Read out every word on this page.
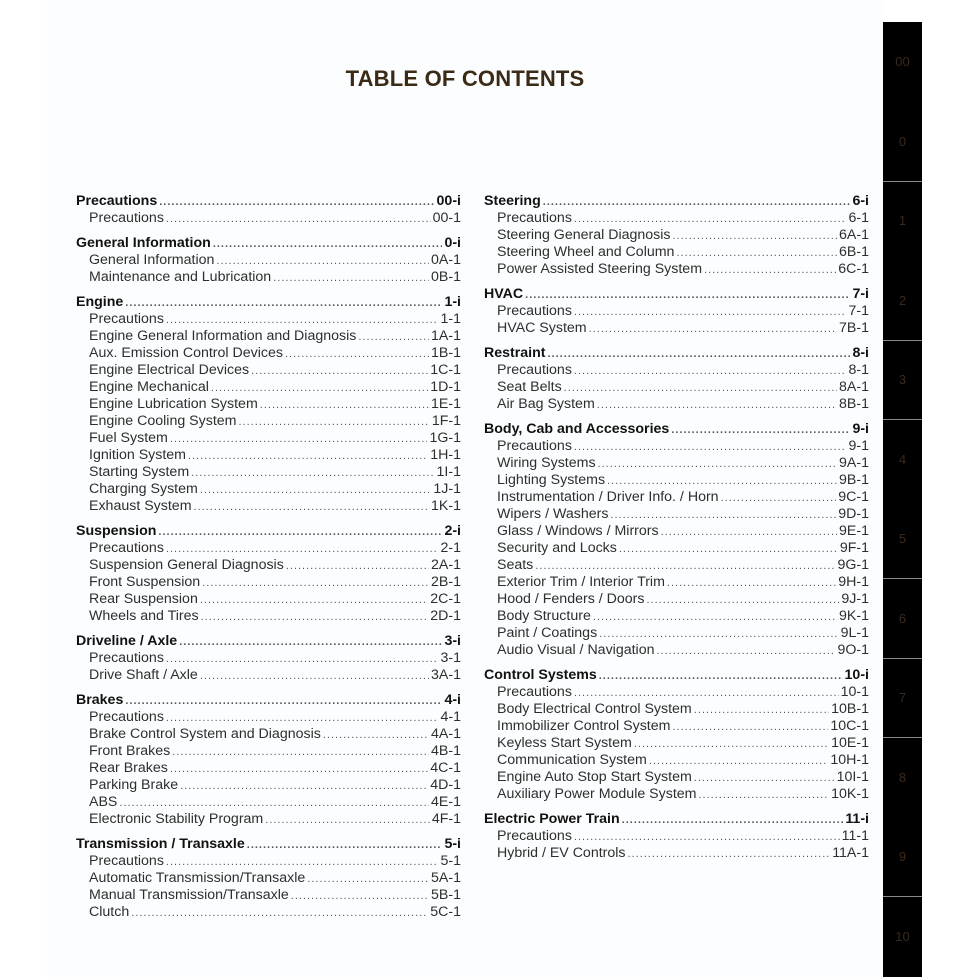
TABLE OF CONTENTS
Precautions .....	00-i
Precautions .....	00-1
General Information .....	0-i
General Information .....	0A-1
Maintenance and Lubrication .....	0B-1
Engine .....	1-i
Precautions .....	1-1
Engine General Information and Diagnosis .....	1A-1
Aux. Emission Control Devices .....	1B-1
Engine Electrical Devices .....	1C-1
Engine Mechanical .....	1D-1
Engine Lubrication System .....	1E-1
Engine Cooling System .....	1F-1
Fuel System .....	1G-1
Ignition System .....	1H-1
Starting System .....	1I-1
Charging System .....	1J-1
Exhaust System .....	1K-1
Suspension .....	2-i
Precautions .....	2-1
Suspension General Diagnosis .....	2A-1
Front Suspension .....	2B-1
Rear Suspension .....	2C-1
Wheels and Tires .....	2D-1
Driveline / Axle .....	3-i
Precautions .....	3-1
Drive Shaft / Axle .....	3A-1
Brakes .....	4-i
Precautions .....	4-1
Brake Control System and Diagnosis .....	4A-1
Front Brakes .....	4B-1
Rear Brakes .....	4C-1
Parking Brake .....	4D-1
ABS .....	4E-1
Electronic Stability Program .....	4F-1
Transmission / Transaxle .....	5-i
Precautions .....	5-1
Automatic Transmission/Transaxle .....	5A-1
Manual Transmission/Transaxle .....	5B-1
Clutch .....	5C-1
Steering .....	6-i
Precautions .....	6-1
Steering General Diagnosis .....	6A-1
Steering Wheel and Column .....	6B-1
Power Assisted Steering System .....	6C-1
HVAC .....	7-i
Precautions .....	7-1
HVAC System .....	7B-1
Restraint .....	8-i
Precautions .....	8-1
Seat Belts .....	8A-1
Air Bag System .....	8B-1
Body, Cab and Accessories .....	9-i
Precautions .....	9-1
Wiring Systems .....	9A-1
Lighting Systems .....	9B-1
Instrumentation / Driver Info. / Horn .....	9C-1
Wipers / Washers .....	9D-1
Glass / Windows / Mirrors .....	9E-1
Security and Locks .....	9F-1
Seats .....	9G-1
Exterior Trim / Interior Trim .....	9H-1
Hood / Fenders / Doors .....	9J-1
Body Structure .....	9K-1
Paint / Coatings .....	9L-1
Audio Visual / Navigation .....	9O-1
Control Systems .....	10-i
Precautions .....	10-1
Body Electrical Control System .....	10B-1
Immobilizer Control System .....	10C-1
Keyless Start System .....	10E-1
Communication System .....	10H-1
Engine Auto Stop Start System .....	10I-1
Auxiliary Power Module System .....	10K-1
Electric Power Train .....	11-i
Precautions .....	11-1
Hybrid / EV Controls .....	11A-1
00
0
1
2
3
4
5
6
7
8
9
10
